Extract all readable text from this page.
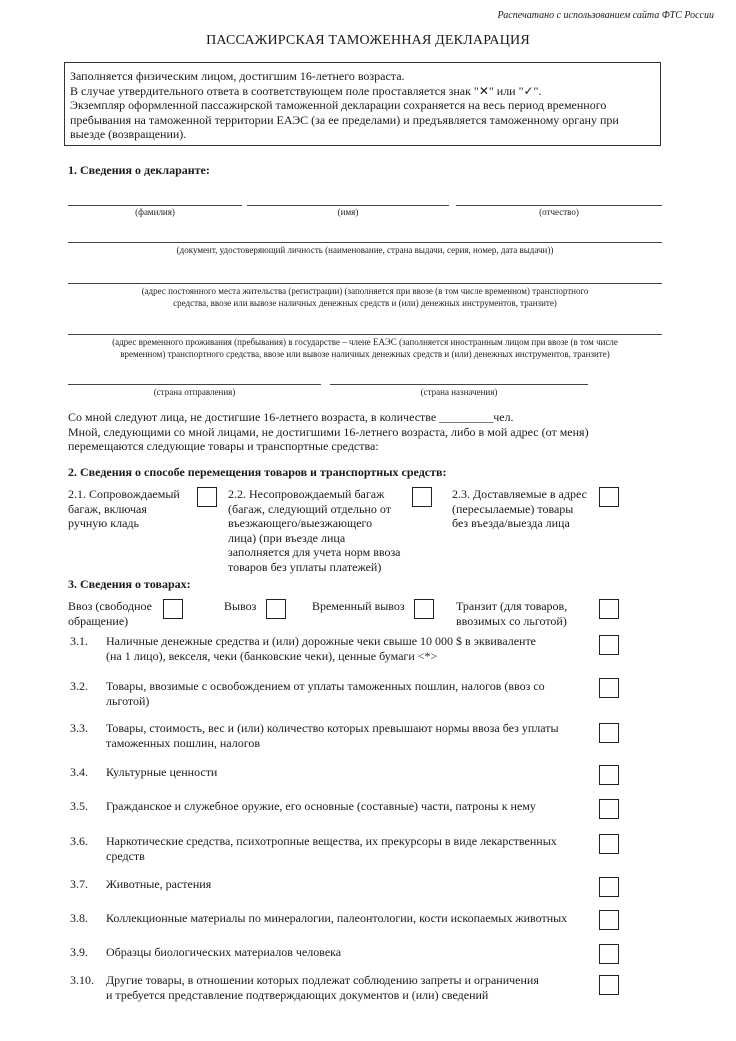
Распечатано с использованием сайта ФТС России
ПАССАЖИРСКАЯ ТАМОЖЕННАЯ ДЕКЛАРАЦИЯ
Заполняется физическим лицом, достигшим 16-летнего возраста.
В случае утвердительного ответа в соответствующем поле проставляется знак "✕" или "✓".
Экземпляр оформленной пассажирской таможенной декларации сохраняется на весь период временного
пребывания на таможенной территории ЕАЭС (за ее пределами) и предъявляется таможенному органу при
выезде (возвращении).
1. Сведения о декларанте:
(фамилия)	(имя)	(отчество)
(документ, удостоверяющий личность (наименование, страна выдачи, серия, номер, дата выдачи))
(адрес постоянного места жительства (регистрации) (заполняется при ввозе (в том числе временном) транспортного
средства, ввозе или вывозе наличных денежных средств и (или) денежных инструментов, транзите)
(адрес временного проживания (пребывания) в государстве – члене ЕАЭС (заполняется иностранным лицом при ввозе (в том числе
временном) транспортного средства, ввозе или вывозе наличных денежных средств и (или) денежных инструментов, транзите)
(страна отправления)	(страна назначения)
Со мной следуют лица, не достигшие 16-летнего возраста, в количестве _________чел.
Мной, следующими со мной лицами, не достигшими 16-летнего возраста, либо в мой адрес (от меня)
перемещаются следующие товары и транспортные средства:
2. Сведения о способе перемещения товаров и транспортных средств:
2.1. Сопровождаемый
багаж, включая
ручную кладь
2.2. Несопровождаемый багаж
(багаж, следующий отдельно от
въезжающего/выезжающего
лица) (при въезде лица
заполняется для учета норм ввоза
товаров без уплаты платежей)
2.3. Доставляемые в адрес
(пересылаемые) товары
без въезда/выезда лица
3. Сведения о товарах:
Ввоз (свободное
обращение)
Вывоз	Временный вывоз	Транзит (для товаров,
ввозимых со льготой)
3.1. Наличные денежные средства и (или) дорожные чеки свыше 10 000 $ в эквиваленте
(на 1 лицо), векселя, чеки (банковские чеки), ценные бумаги <*>
3.2. Товары, ввозимые с освобождением от уплаты таможенных пошлин, налогов (ввоз со
льготой)
3.3. Товары, стоимость, вес и (или) количество которых превышают нормы ввоза без уплаты
таможенных пошлин, налогов
3.4. Культурные ценности
3.5. Гражданское и служебное оружие, его основные (составные) части, патроны к нему
3.6. Наркотические средства, психотропные вещества, их прекурсоры в виде лекарственных
средств
3.7. Животные, растения
3.8. Коллекционные материалы по минералогии, палеонтологии, кости ископаемых животных
3.9. Образцы биологических материалов человека
3.10. Другие товары, в отношении которых подлежат соблюдению запреты и ограничения
и требуется представление подтверждающих документов и (или) сведений
